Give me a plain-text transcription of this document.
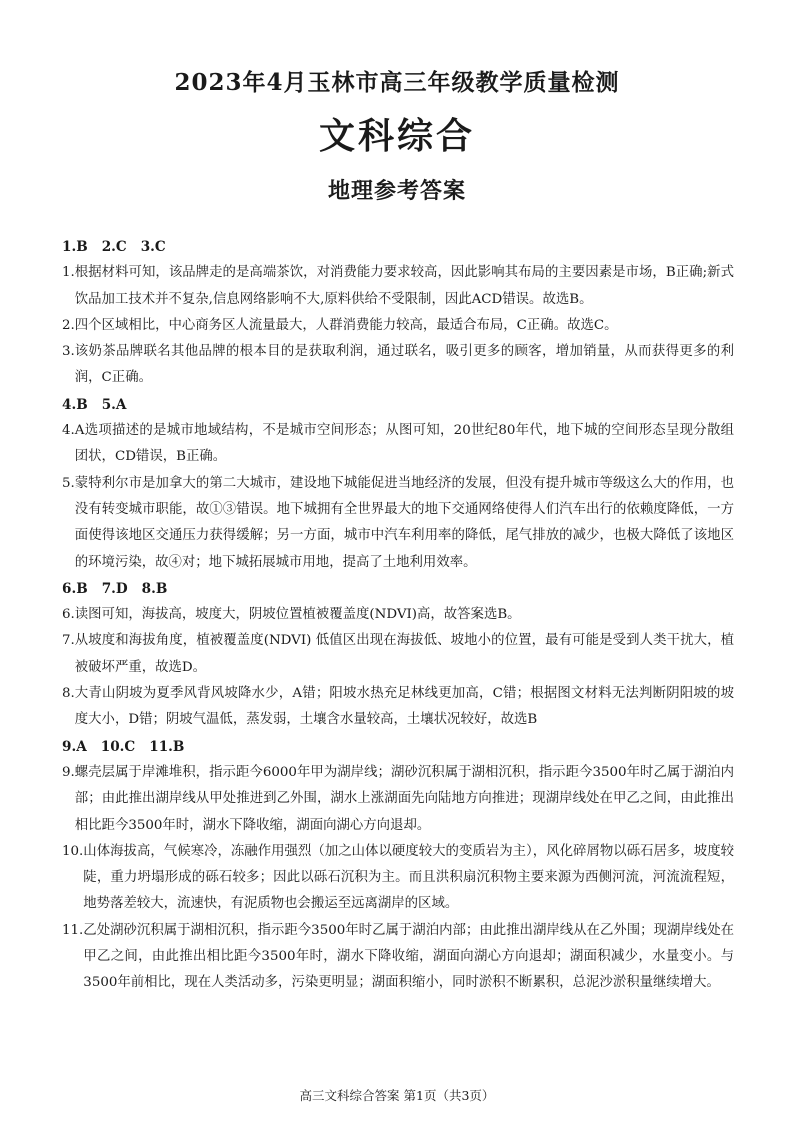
2023年4月玉林市高三年级教学质量检测
文科综合
地理参考答案
1.B 2.C 3.C
1. 根据材料可知，该品牌走的是高端茶饮，对消费能力要求较高，因此影响其布局的主要因素是市场，B正确;新式饮品加工技术并不复杂,信息网络影响不大,原料供给不受限制，因此ACD错误。故选B。
2. 四个区域相比，中心商务区人流量最大，人群消费能力较高，最适合布局，C正确。故选C。
3. 该奶茶品牌联名其他品牌的根本目的是获取利润，通过联名，吸引更多的顾客，增加销量，从而获得更多的利润，C正确。
4.B 5.A
4. A选项描述的是城市地域结构，不是城市空间形态；从图可知，20世纪80年代，地下城的空间形态呈现分散组团状，CD错误，B正确。
5. 蒙特利尔市是加拿大的第二大城市，建设地下城能促进当地经济的发展，但没有提升城市等级这么大的作用，也没有转变城市职能，故①③错误。地下城拥有全世界最大的地下交通网络使得人们汽车出行的依赖度降低，一方面使得该地区交通压力获得缓解；另一方面，城市中汽车利用率的降低，尾气排放的减少，也极大降低了该地区的环境污染，故④对；地下城拓展城市用地，提高了土地利用效率。
6.B 7.D 8.B
6. 读图可知，海拔高，坡度大，阴坡位置植被覆盖度(NDVI)高，故答案选B。
7. 从坡度和海拔角度，植被覆盖度(NDVI) 低值区出现在海拔低、坡地小的位置，最有可能是受到人类干扰大，植被破坏严重，故选D。
8. 大青山阴坡为夏季风背风坡降水少，A错；阳坡水热充足林线更加高，C错；根据图文材料无法判断阴阳坡的坡度大小，D错；阴坡气温低，蒸发弱，土壤含水量较高，土壤状况较好，故选B
9.A 10.C 11.B
9. 螺壳层属于岸滩堆积，指示距今6000年甲为湖岸线；湖砂沉积属于湖相沉积，指示距今3500年时乙属于湖泊内部；由此推出湖岸线从甲处推进到乙外围，湖水上涨湖面先向陆地方向推进；现湖岸线处在甲乙之间，由此推出相比距今3500年时，湖水下降收缩，湖面向湖心方向退却。
10. 山体海拔高，气候寒冷，冻融作用强烈（加之山体以硬度较大的变质岩为主），风化碎屑物以砾石居多，坡度较陡，重力坍塌形成的砾石较多；因此以砾石沉积为主。而且洪积扇沉积物主要来源为西侧河流，河流流程短，地势落差较大，流速快，有泥质物也会搬运至远离湖岸的区域。
11. 乙处湖砂沉积属于湖相沉积，指示距今3500年时乙属于湖泊内部；由此推出湖岸线从在乙外围；现湖岸线处在甲乙之间，由此推出相比距今3500年时，湖水下降收缩，湖面向湖心方向退却；湖面积减少，水量变小。与3500年前相比，现在人类活动多，污染更明显；湖面积缩小，同时淤积不断累积，总泥沙淤积量继续增大。
高三文科综合答案 第1页（共3页）
